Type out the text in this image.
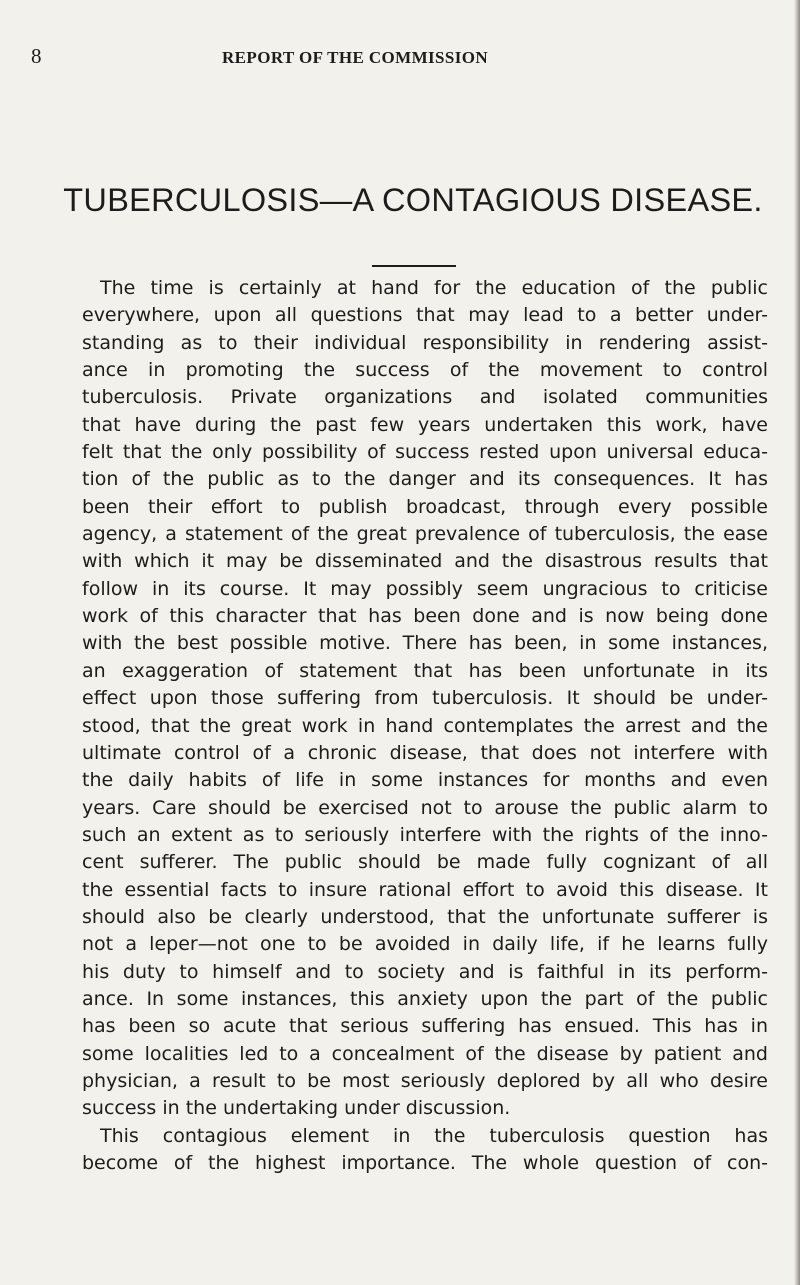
8	REPORT OF THE COMMISSION
TUBERCULOSIS—A CONTAGIOUS DISEASE.
The time is certainly at hand for the education of the public
everywhere, upon all questions that may lead to a better under-
standing as to their individual responsibility in rendering assist-
ance in promoting the success of the movement to control
tuberculosis. Private organizations and isolated communities
that have during the past few years undertaken this work, have
felt that the only possibility of success rested upon universal educa-
tion of the public as to the danger and its consequences. It has
been their effort to publish broadcast, through every possible
agency, a statement of the great prevalence of tuberculosis, the ease
with which it may be disseminated and the disastrous results that
follow in its course. It may possibly seem ungracious to criticise
work of this character that has been done and is now being done
with the best possible motive. There has been, in some instances,
an exaggeration of statement that has been unfortunate in its
effect upon those suffering from tuberculosis. It should be under-
stood, that the great work in hand contemplates the arrest and the
ultimate control of a chronic disease, that does not interfere with
the daily habits of life in some instances for months and even
years. Care should be exercised not to arouse the public alarm to
such an extent as to seriously interfere with the rights of the inno-
cent sufferer. The public should be made fully cognizant of all
the essential facts to insure rational effort to avoid this disease. It
should also be clearly understood, that the unfortunate sufferer is
not a leper—not one to be avoided in daily life, if he learns fully
his duty to himself and to society and is faithful in its perform-
ance. In some instances, this anxiety upon the part of the public
has been so acute that serious suffering has ensued. This has in
some localities led to a concealment of the disease by patient and
physician, a result to be most seriously deplored by all who desire
success in the undertaking under discussion.
This contagious element in the tuberculosis question has
become of the highest importance. The whole question of con-
